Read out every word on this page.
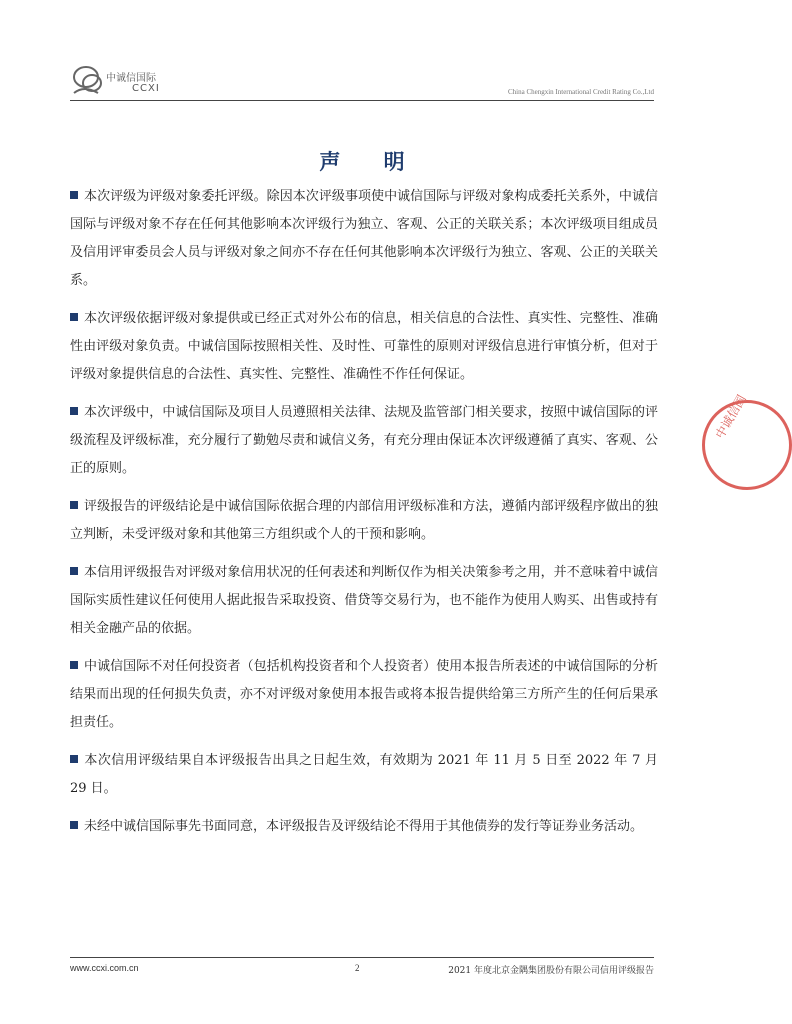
中诚信国际
CCXI	China Chengxin International Credit Rating Co.,Ltd
声 明

本次评级为评级对象委托评级。除因本次评级事项使中诚信国际与评级对象构成委托关系外，中诚信国际与评级对象不存在任何其他影响本次评级行为独立、客观、公正的关联关系；本次评级项目组成员及信用评审委员会人员与评级对象之间亦不存在任何其他影响本次评级行为独立、客观、公正的关联关系。

本次评级依据评级对象提供或已经正式对外公布的信息，相关信息的合法性、真实性、完整性、准确性由评级对象负责。中诚信国际按照相关性、及时性、可靠性的原则对评级信息进行审慎分析，但对于评级对象提供信息的合法性、真实性、完整性、准确性不作任何保证。

本次评级中，中诚信国际及项目人员遵照相关法律、法规及监管部门相关要求，按照中诚信国际的评级流程及评级标准，充分履行了勤勉尽责和诚信义务，有充分理由保证本次评级遵循了真实、客观、公正的原则。

评级报告的评级结论是中诚信国际依据合理的内部信用评级标准和方法，遵循内部评级程序做出的独立判断，未受评级对象和其他第三方组织或个人的干预和影响。

本信用评级报告对评级对象信用状况的任何表述和判断仅作为相关决策参考之用，并不意味着中诚信国际实质性建议任何使用人据此报告采取投资、借贷等交易行为，也不能作为使用人购买、出售或持有相关金融产品的依据。

中诚信国际不对任何投资者（包括机构投资者和个人投资者）使用本报告所表述的中诚信国际的分析结果而出现的任何损失负责，亦不对评级对象使用本报告或将本报告提供给第三方所产生的任何后果承担责任。

本次信用评级结果自本评级报告出具之日起生效，有效期为 2021 年 11 月 5 日至 2022 年 7 月 29 日。

未经中诚信国际事先书面同意，本评级报告及评级结论不得用于其他债券的发行等证券业务活动。

中诚信国
www.ccxi.com.cn	2	2021 年度北京金隅集团股份有限公司信用评级报告
